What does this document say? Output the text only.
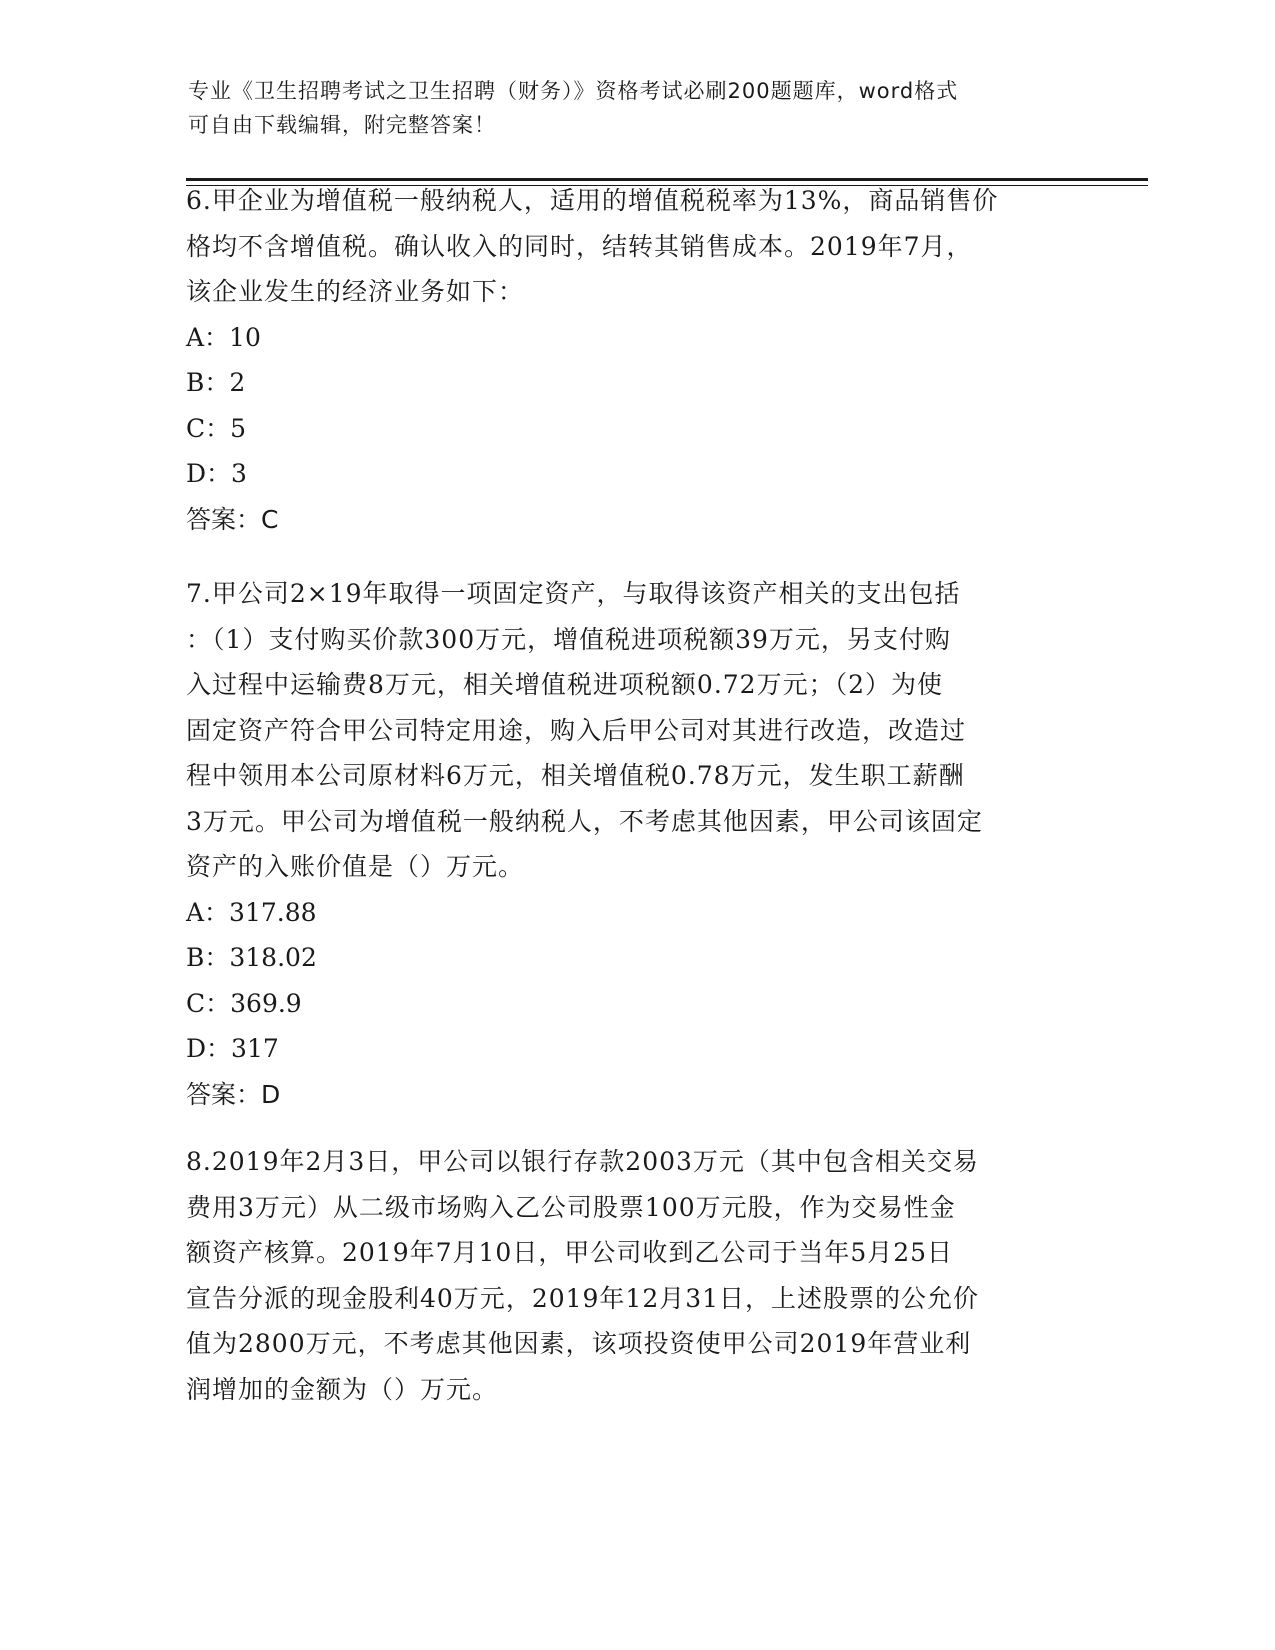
专业《卫生招聘考试之卫生招聘（财务）》资格考试必刷200题题库，word格式
可自由下载编辑，附完整答案！
6.甲企业为增值税一般纳税人，适用的增值税税率为13%，商品销售价
格均不含增值税。确认收入的同时，结转其销售成本。2019年7月，
该企业发生的经济业务如下：
A：10
B：2
C：5
D：3
答案：C
7.甲公司2×19年取得一项固定资产，与取得该资产相关的支出包括
：（1）支付购买价款300万元，增值税进项税额39万元，另支付购
入过程中运输费8万元，相关增值税进项税额0.72万元；（2）为使
固定资产符合甲公司特定用途，购入后甲公司对其进行改造，改造过
程中领用本公司原材料6万元，相关增值税0.78万元，发生职工薪酬
3万元。甲公司为增值税一般纳税人，不考虑其他因素，甲公司该固定
资产的入账价值是（）万元。
A：317.88
B：318.02
C：369.9
D：317
答案：D
8.2019年2月3日，甲公司以银行存款2003万元（其中包含相关交易
费用3万元）从二级市场购入乙公司股票100万元股，作为交易性金
额资产核算。2019年7月10日，甲公司收到乙公司于当年5月25日
宣告分派的现金股利40万元，2019年12月31日，上述股票的公允价
值为2800万元，不考虑其他因素，该项投资使甲公司2019年营业利
润增加的金额为（）万元。
